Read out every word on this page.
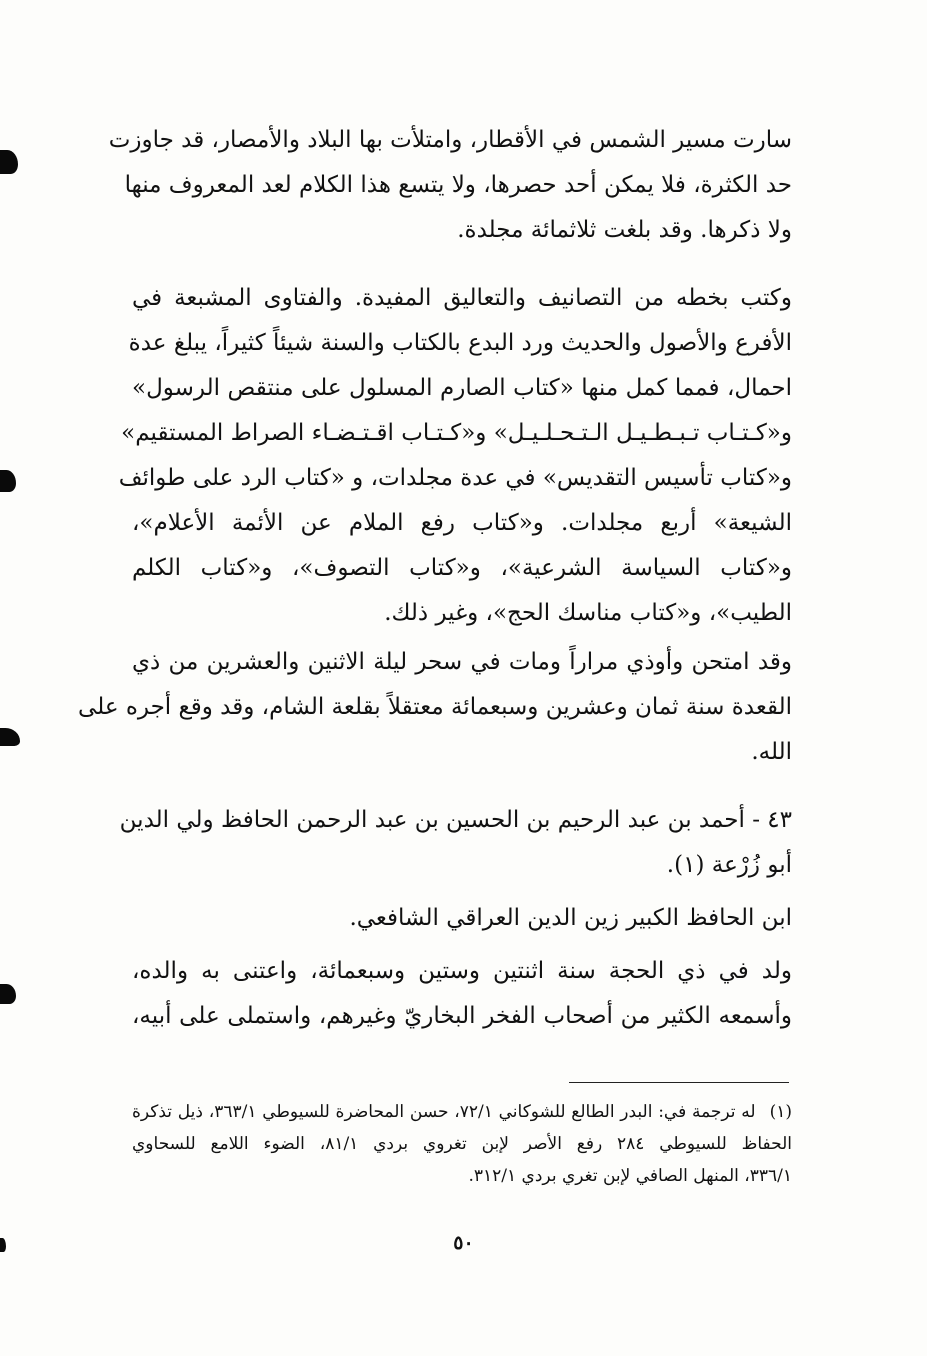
سارت مسير الشمس في الأقطار، وامتلأت بها البلاد والأمصار، قد جاوزت
حد الكثرة، فلا يمكن أحد حصرها، ولا يتسع هذا الكلام لعد المعروف منها
ولا ذكرها. وقد بلغت ثلاثمائة مجلدة.
وكتب بخطه من التصانيف والتعاليق المفيدة. والفتاوى المشبعة في
الأفرع والأصول والحديث ورد البدع بالكتاب والسنة شيئاً كثيراً، يبلغ عدة
احمال، فمما كمل منها «كتاب الصارم المسلول على منتقص الرسول»
و«كـتـاب تـبـطـيـل الـتـحـلـيـل» و«كـتـاب اقـتـضـاء الصراط المستقيم»
و«كتاب تأسيس التقديس» في عدة مجلدات، و «كتاب الرد على طوائف
الشيعة» أربع مجلدات. و«كتاب رفع الملام عن الأئمة الأعلام»،
و«كتاب السياسة الشرعية»، و«كتاب التصوف»، و«كتاب الكلم
الطيب»، و«كتاب مناسك الحج»، وغير ذلك.
وقد امتحن وأوذي مراراً ومات في سحر ليلة الاثنين والعشرين من ذي
القعدة سنة ثمان وعشرين وسبعمائة معتقلاً بقلعة الشام، وقد وقع أجره على
الله.
٤٣ - أحمد بن عبد الرحيم بن الحسين بن عبد الرحمن الحافظ ولي الدين
أبو زُرْعة (١).
ابن الحافظ الكبير زين الدين العراقي الشافعي.
ولد في ذي الحجة سنة اثنتين وستين وسبعمائة، واعتنى به والده،
وأسمعه الكثير من أصحاب الفخر البخاريّ وغيرهم، واستملى على أبيه،
(١)له ترجمة في: البدر الطالع للشوكاني ٧٢/١، حسن المحاضرة للسيوطي ٣٦٣/١، ذيل تذكرة
الحفاظ للسيوطي ٢٨٤ رفع الأصر لإبن تغروي بردي ٨١/١، الضوء اللامع للسحاوي
٣٣٦/١، المنهل الصافي لإبن تغري بردي ٣١٢/١.
٥٠
